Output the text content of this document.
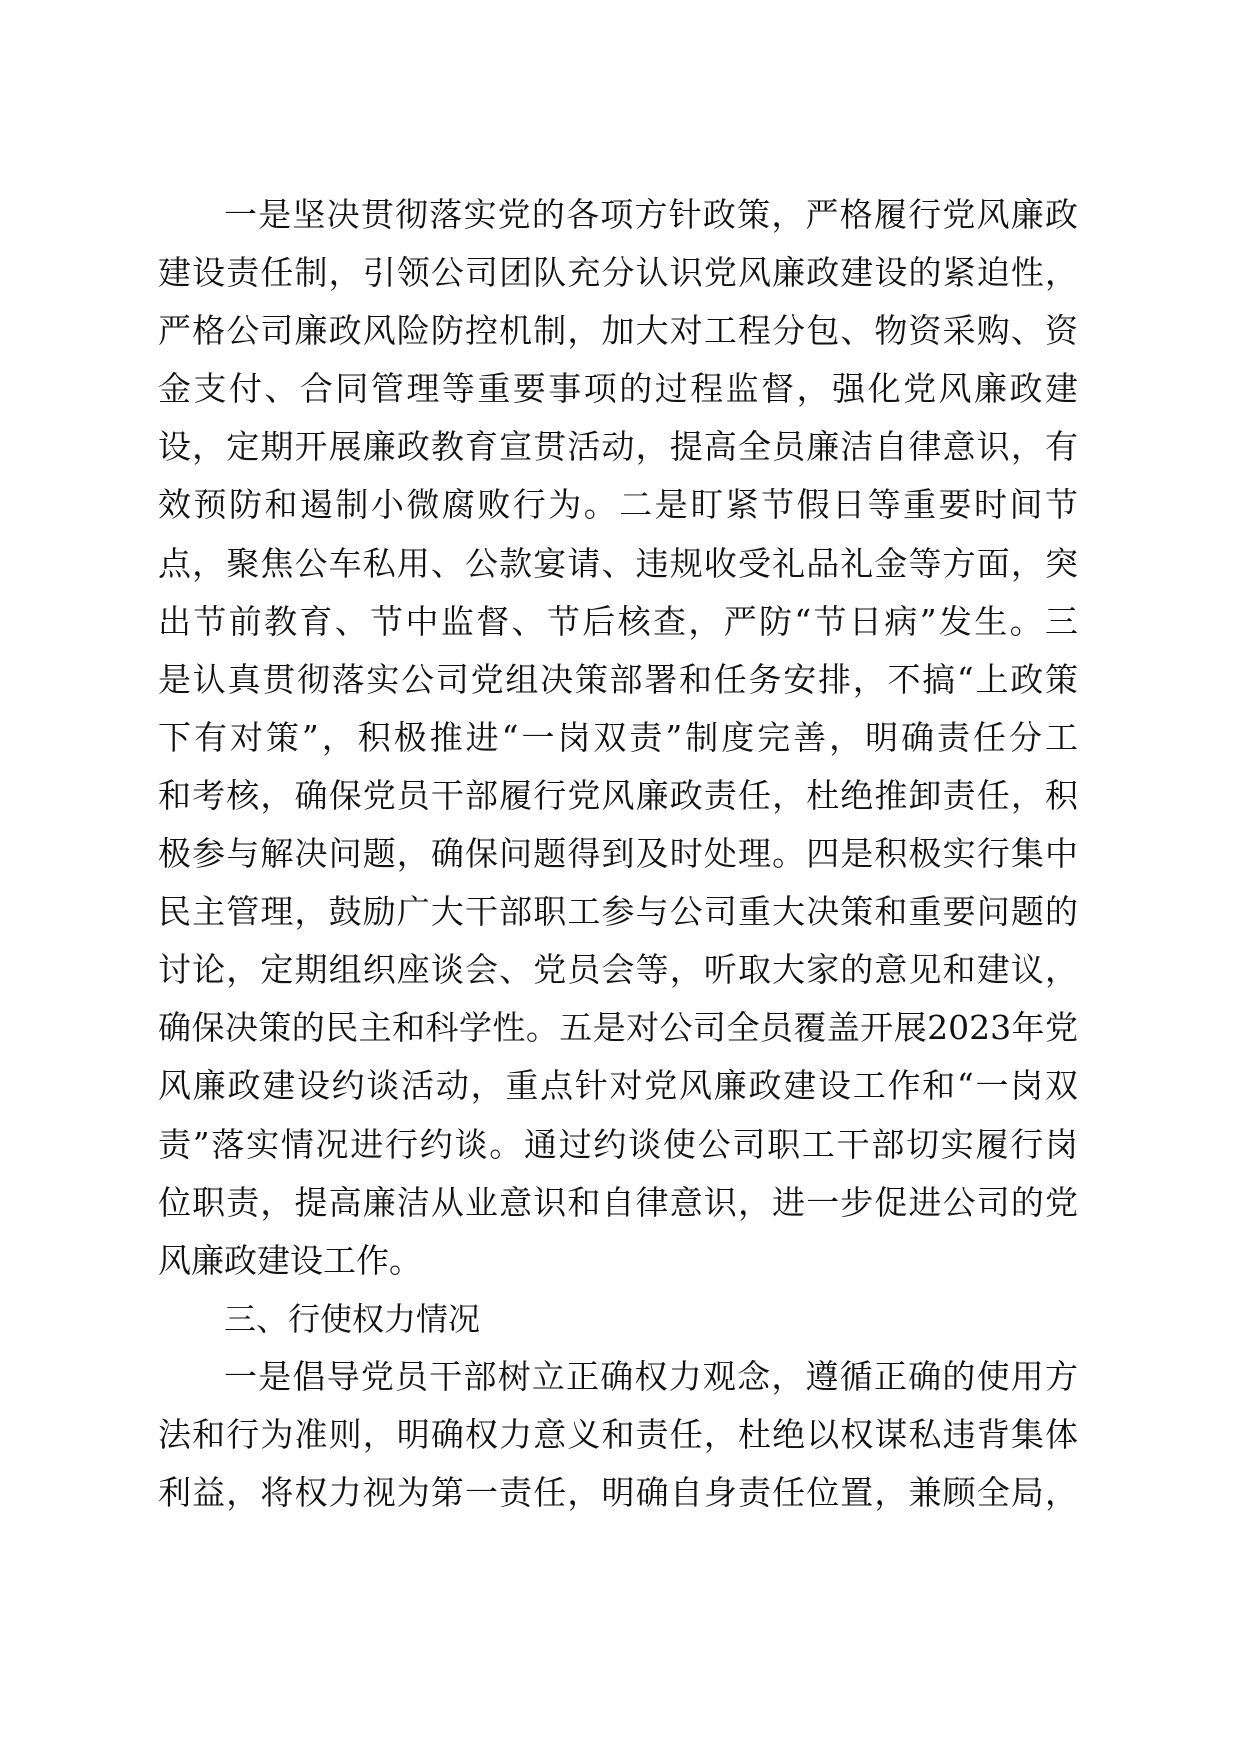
一是坚决贯彻落实党的各项方针政策，严格履行党风廉政
建设责任制，引领公司团队充分认识党风廉政建设的紧迫性，
严格公司廉政风险防控机制，加大对工程分包、物资采购、资
金支付、合同管理等重要事项的过程监督，强化党风廉政建
设，定期开展廉政教育宣贯活动，提高全员廉洁自律意识，有
效预防和遏制小微腐败行为。二是盯紧节假日等重要时间节
点，聚焦公车私用、公款宴请、违规收受礼品礼金等方面，突
出节前教育、节中监督、节后核查，严防“节日病”发生。三
是认真贯彻落实公司党组决策部署和任务安排，不搞“上政策
下有对策”，积极推进“一岗双责”制度完善，明确责任分工
和考核，确保党员干部履行党风廉政责任，杜绝推卸责任，积
极参与解决问题，确保问题得到及时处理。四是积极实行集中
民主管理，鼓励广大干部职工参与公司重大决策和重要问题的
讨论，定期组织座谈会、党员会等，听取大家的意见和建议，
确保决策的民主和科学性。五是对公司全员覆盖开展2023年党
风廉政建设约谈活动，重点针对党风廉政建设工作和“一岗双
责”落实情况进行约谈。通过约谈使公司职工干部切实履行岗
位职责，提高廉洁从业意识和自律意识，进一步促进公司的党
风廉政建设工作。
三、行使权力情况
一是倡导党员干部树立正确权力观念，遵循正确的使用方
法和行为准则，明确权力意义和责任，杜绝以权谋私违背集体
利益，将权力视为第一责任，明确自身责任位置，兼顾全局，
